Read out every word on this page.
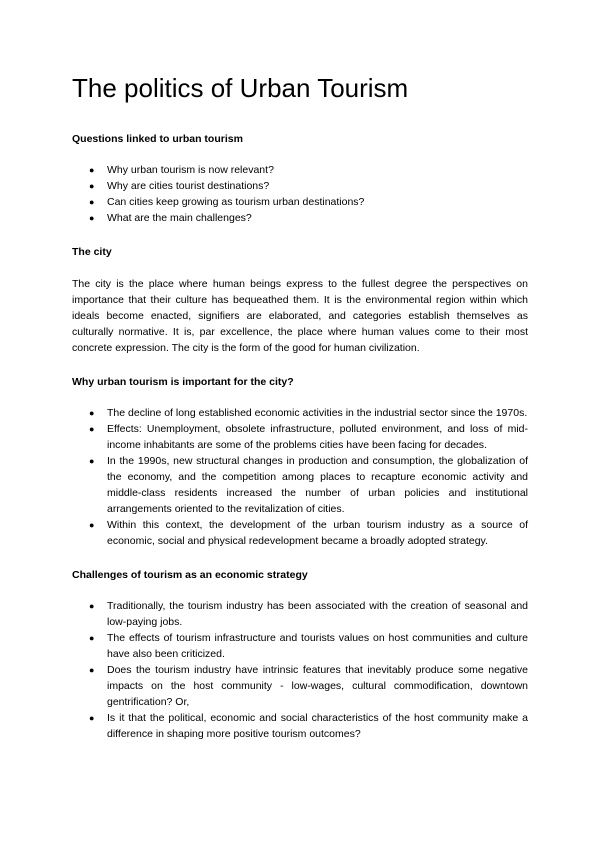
The politics of Urban Tourism
Questions linked to urban tourism
● Why urban tourism is now relevant?
● Why are cities tourist destinations?
● Can cities keep growing as tourism urban destinations?
● What are the main challenges?
The city

The city is the place where human beings express to the fullest degree the perspectives on importance that their culture has bequeathed them. It is the environmental region within which ideals become enacted, signifiers are elaborated, and categories establish themselves as culturally normative. It is, par excellence, the place where human values come to their most concrete expression. The city is the form of the good for human civilization.

Why urban tourism is important for the city?
● The decline of long established economic activities in the industrial sector since the 1970s.
● Effects: Unemployment, obsolete infrastructure, polluted environment, and loss of mid-income inhabitants are some of the problems cities have been facing for decades.
● In the 1990s, new structural changes in production and consumption, the globalization of the economy, and the competition among places to recapture economic activity and middle-class residents increased the number of urban policies and institutional arrangements oriented to the revitalization of cities.
● Within this context, the development of the urban tourism industry as a source of economic, social and physical redevelopment became a broadly adopted strategy.
Challenges of tourism as an economic strategy
● Traditionally, the tourism industry has been associated with the creation of seasonal and low-paying jobs.
● The effects of tourism infrastructure and tourists values on host communities and culture have also been criticized.
● Does the tourism industry have intrinsic features that inevitably produce some negative impacts on the host community - low-wages, cultural commodification, downtown gentrification? Or,
● Is it that the political, economic and social characteristics of the host community make a difference in shaping more positive tourism outcomes?
